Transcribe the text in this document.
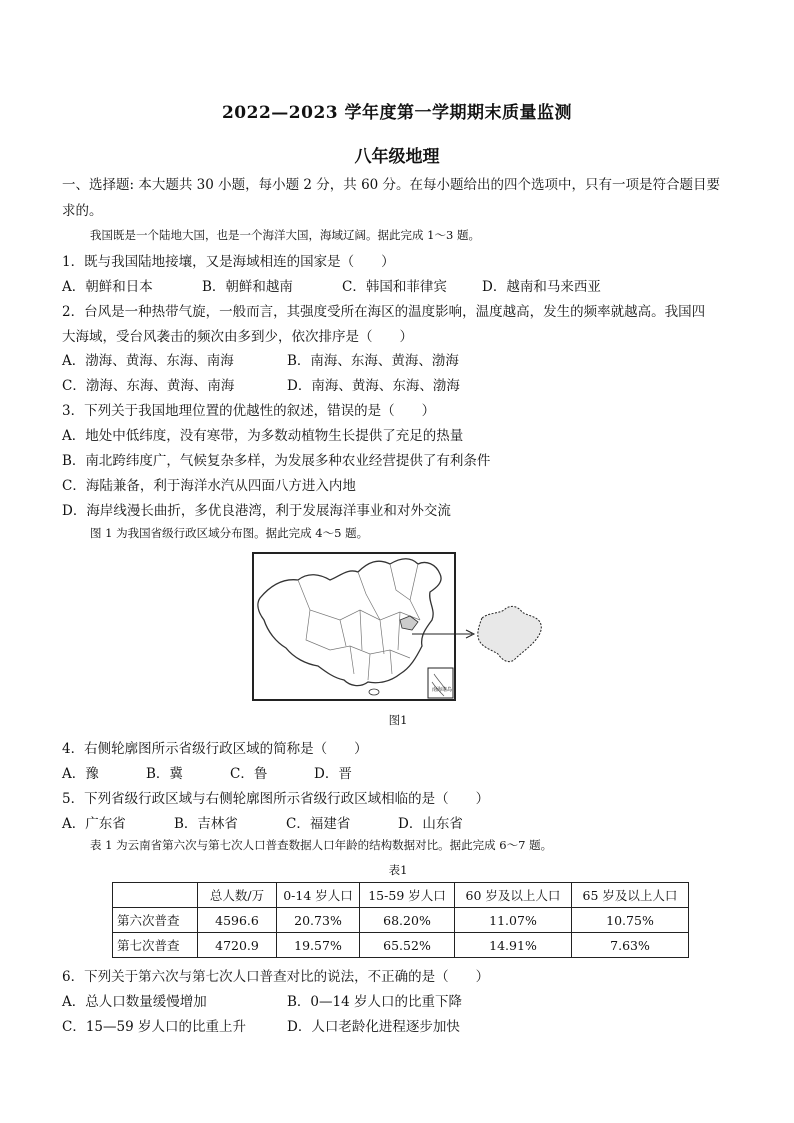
2022—2023 学年度第一学期期末质量监测
八年级地理
一、选择题: 本大题共 30 小题，每小题 2 分，共 60 分。在每小题给出的四个选项中，只有一项是符合题目要
求的。
我国既是一个陆地大国，也是一个海洋大国，海域辽阔。据此完成 1～3 题。
1．既与我国陆地接壤，又是海域相连的国家是（　　）
A．朝鲜和日本	B．朝鲜和越南	C．韩国和菲律宾	D．越南和马来西亚
2．台风是一种热带气旋，一般而言，其强度受所在海区的温度影响，温度越高，发生的频率就越高。我国四
大海域，受台风袭击的频次由多到少，依次排序是（　　）
A．渤海、黄海、东海、南海	B．南海、东海、黄海、渤海
C．渤海、东海、黄海、南海	D．南海、黄海、东海、渤海
3．下列关于我国地理位置的优越性的叙述，错误的是（　　）
A．地处中低纬度，没有寒带，为多数动植物生长提供了充足的热量
B．南北跨纬度广，气候复杂多样，为发展多种农业经营提供了有利条件
C．海陆兼备，利于海洋水汽从四面八方进入内地
D．海岸线漫长曲折，多优良港湾，利于发展海洋事业和对外交流
图 1 为我国省级行政区域分布图。据此完成 4～5 题。
南海诸岛
图1
4．右侧轮廓图所示省级行政区域的简称是（　　）
A．豫	B．冀	C．鲁	D．晋
5．下列省级行政区域与右侧轮廓图所示省级行政区域相临的是（　　）
A．广东省	B．吉林省	C．福建省	D．山东省
表 1 为云南省第六次与第七次人口普查数据人口年龄的结构数据对比。据此完成 6～7 题。
表1
	总人数/万	0-14 岁人口	15-59 岁人口	60 岁及以上人口	65 岁及以上人口
第六次普查	4596.6	20.73%	68.20%	11.07%	10.75%
第七次普查	4720.9	19.57%	65.52%	14.91%	7.63%
6．下列关于第六次与第七次人口普查对比的说法，不正确的是（　　）
A．总人口数量缓慢增加	B．0—14 岁人口的比重下降
C．15—59 岁人口的比重上升	D．人口老龄化进程逐步加快
